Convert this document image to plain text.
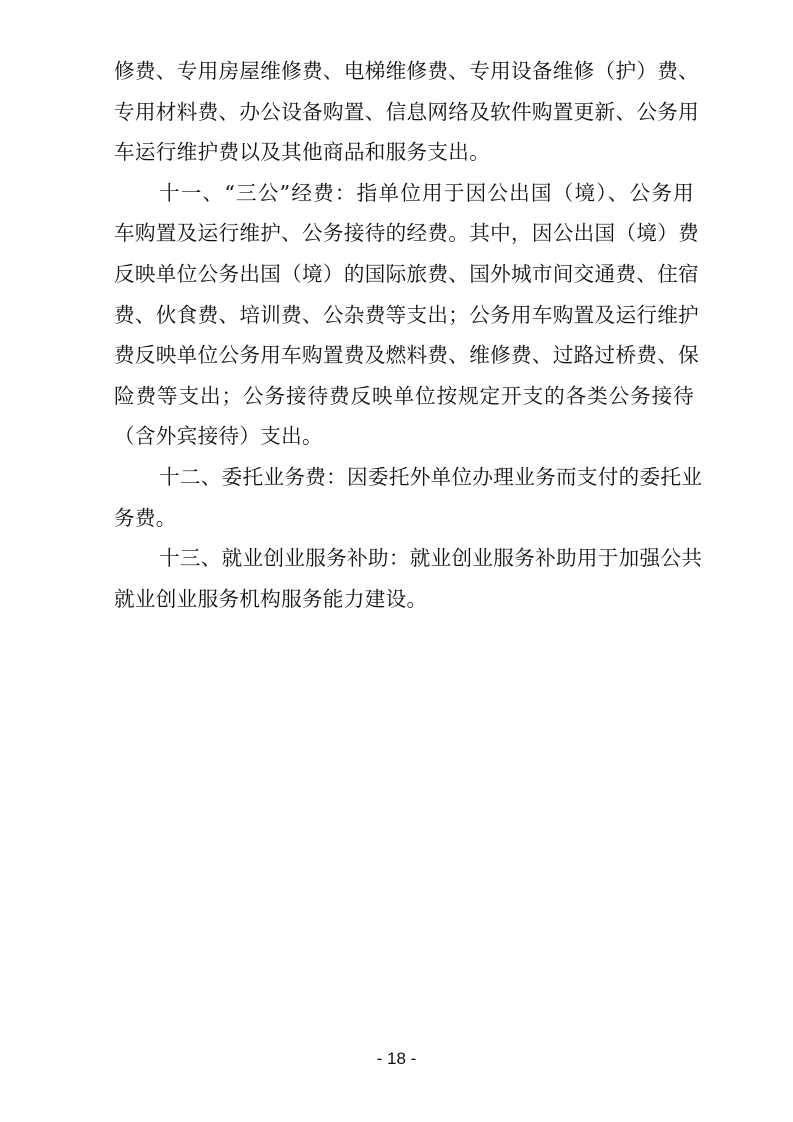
修费、专用房屋维修费、电梯维修费、专用设备维修（护）费、
专用材料费、办公设备购置、信息网络及软件购置更新、公务用
车运行维护费以及其他商品和服务支出。
十一、“三公”经费：指单位用于因公出国（境）、公务用
车购置及运行维护、公务接待的经费。其中，因公出国（境）费
反映单位公务出国（境）的国际旅费、国外城市间交通费、住宿
费、伙食费、培训费、公杂费等支出；公务用车购置及运行维护
费反映单位公务用车购置费及燃料费、维修费、过路过桥费、保
险费等支出；公务接待费反映单位按规定开支的各类公务接待
（含外宾接待）支出。
十二、委托业务费：因委托外单位办理业务而支付的委托业
务费。
十三、就业创业服务补助：就业创业服务补助用于加强公共
就业创业服务机构服务能力建设。
- 18 -
